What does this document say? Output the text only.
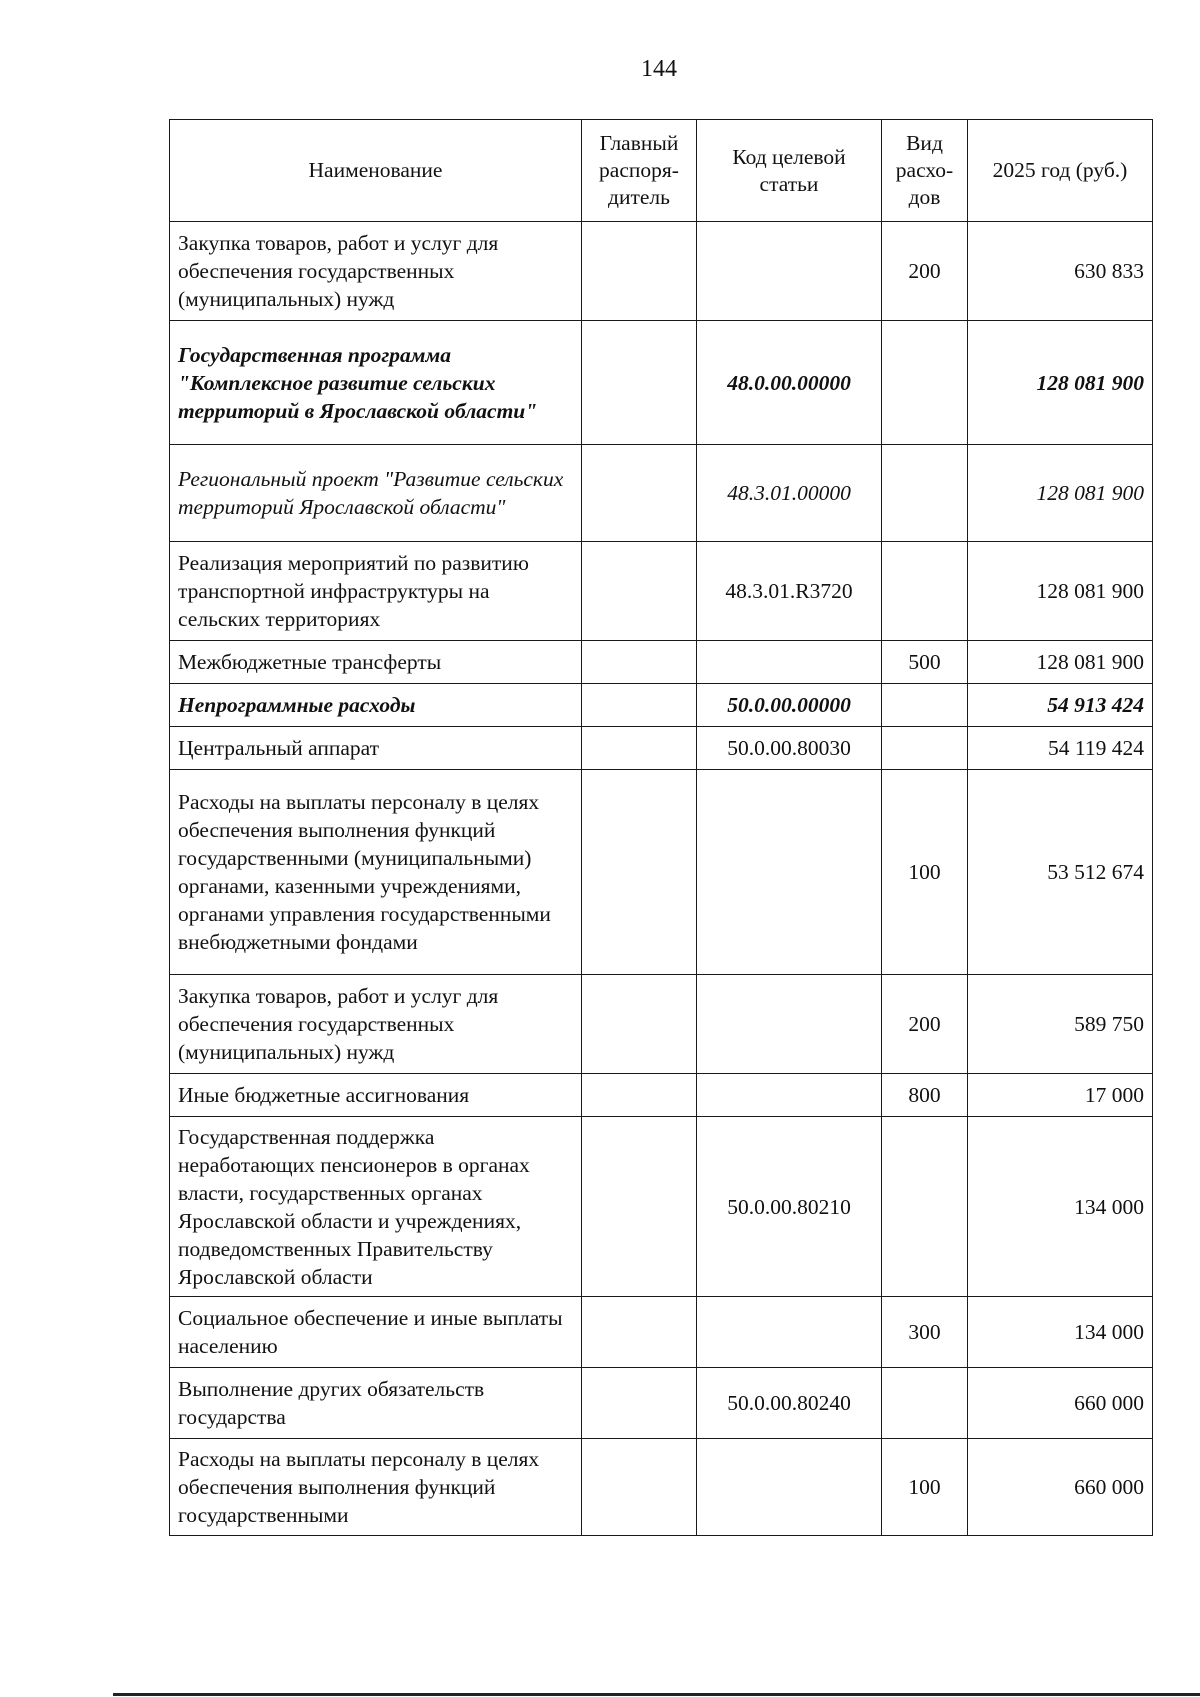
144
Наименование	Главный распоря-дитель	Код целевой статьи	Вид расхо-дов	2025 год (руб.)
Закупка товаров, работ и услуг для обеспечения государственных (муниципальных) нужд			200	630 833
Государственная программа "Комплексное развитие сельских территорий в Ярославской области"		48.0.00.00000		128 081 900
Региональный проект "Развитие сельских территорий Ярославской области"		48.3.01.00000		128 081 900
Реализация мероприятий по развитию транспортной инфраструктуры на сельских территориях		48.3.01.R3720		128 081 900
Межбюджетные трансферты			500	128 081 900
Непрограммные расходы		50.0.00.00000		54 913 424
Центральный аппарат		50.0.00.80030		54 119 424
Расходы на выплаты персоналу в целях обеспечения выполнения функций государственными (муниципальными) органами, казенными учреждениями, органами управления государственными внебюджетными фондами			100	53 512 674
Закупка товаров, работ и услуг для обеспечения государственных (муниципальных) нужд			200	589 750
Иные бюджетные ассигнования			800	17 000
Государственная поддержка неработающих пенсионеров в органах власти, государственных органах Ярославской области и учреждениях, подведомственных Правительству Ярославской области		50.0.00.80210		134 000
Социальное обеспечение и иные выплаты населению			300	134 000
Выполнение других обязательств государства		50.0.00.80240		660 000
Расходы на выплаты персоналу в целях обеспечения выполнения функций государственными			100	660 000
